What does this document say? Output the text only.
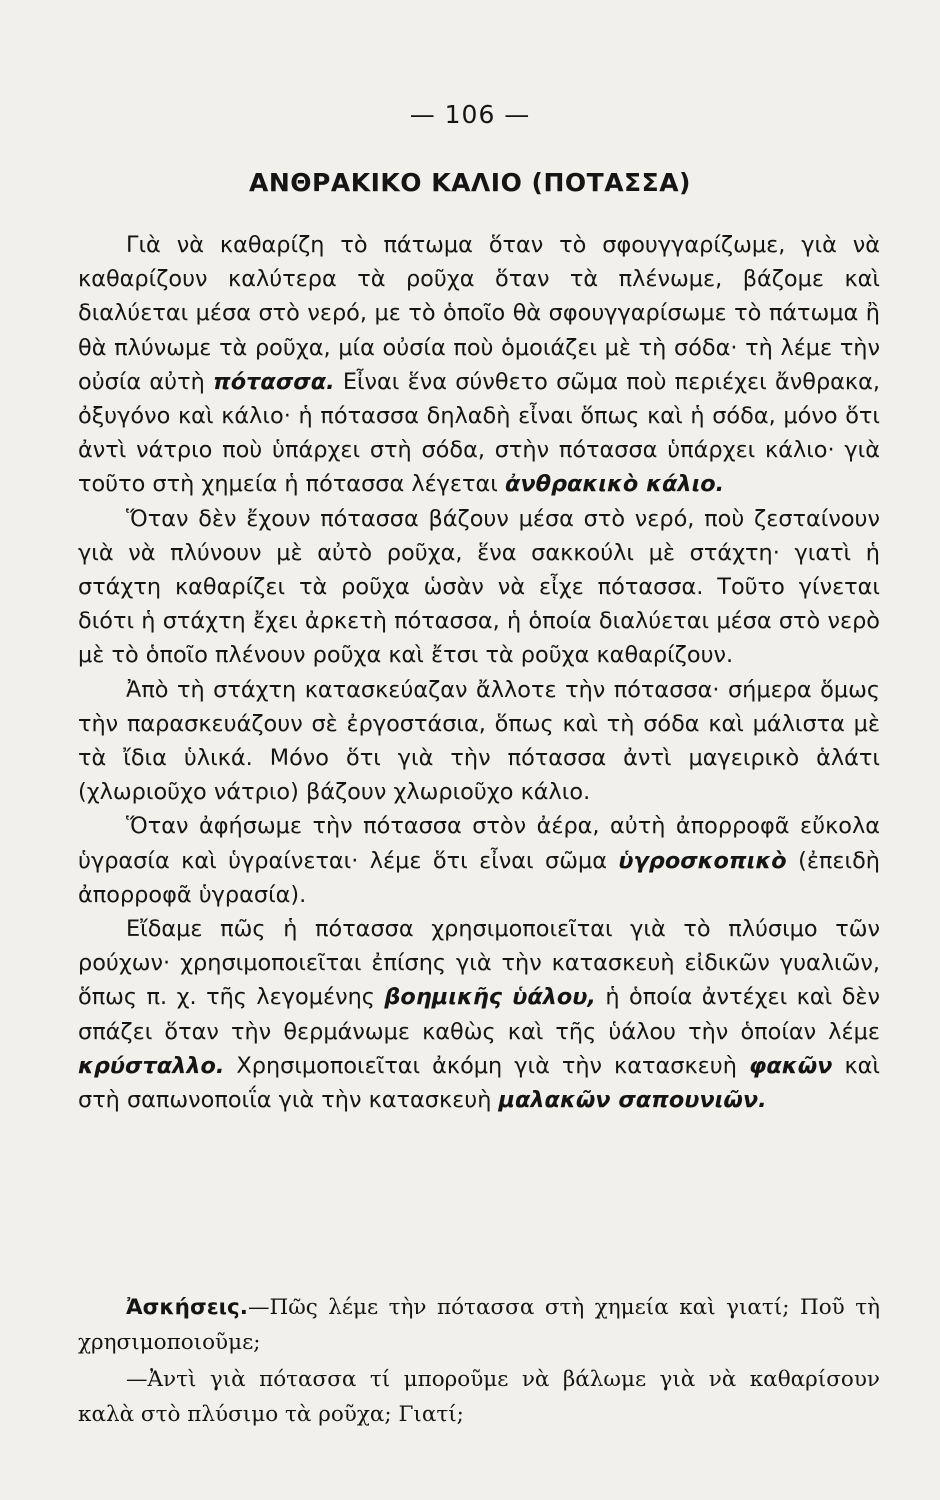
— 106 —
ΑΝΘΡΑΚΙΚΟ ΚΑΛΙΟ (ΠΟΤΑΣΣΑ)

Γιὰ νὰ καθαρίζη τὸ πάτωμα ὅταν τὸ σφουγγαρίζωμε, γιὰ νὰ καθαρίζουν καλύτερα τὰ ροῦχα ὅταν τὰ πλένωμε, βάζομε καὶ διαλύεται μέσα στὸ νερό, με τὸ ὁποῖο θὰ σφουγγαρίσωμε τὸ πάτωμα ἢ θὰ πλύνωμε τὰ ροῦχα, μία οὐσία ποὺ ὁμοιάζει μὲ τὴ σόδα· τὴ λέμε τὴν οὐσία αὐτὴ πότασσα. Εἶναι ἕνα σύνθετο σῶμα ποὺ περιέχει ἄνθρακα, ὀξυγόνο καὶ κάλιο· ἡ πότασσα δηλαδὴ εἶναι ὅπως καὶ ἡ σόδα, μόνο ὅτι ἀντὶ νάτριο ποὺ ὑπάρχει στὴ σόδα, στὴν πότασσα ὑπάρχει κάλιο· γιὰ τοῦτο στὴ χημεία ἡ πότασσα λέγεται ἀνθρακικὸ κάλιο.

Ὅταν δὲν ἔχουν πότασσα βάζουν μέσα στὸ νερό, ποὺ ζεσταίνουν γιὰ νὰ πλύνουν μὲ αὐτὸ ροῦχα, ἕνα σακκούλι μὲ στάχτη· γιατὶ ἡ στάχτη καθαρίζει τὰ ροῦχα ὡσὰν νὰ εἶχε πότασσα. Τοῦτο γίνεται διότι ἡ στάχτη ἔχει ἀρκετὴ πότασσα, ἡ ὁποία διαλύεται μέσα στὸ νερὸ μὲ τὸ ὁποῖο πλένουν ροῦχα καὶ ἔτσι τὰ ροῦχα καθαρίζουν.

Ἀπὸ τὴ στάχτη κατασκεύαζαν ἄλλοτε τὴν πότασσα· σήμερα ὅμως τὴν παρασκευάζουν σὲ ἐργοστάσια, ὅπως καὶ τὴ σόδα καὶ μάλιστα μὲ τὰ ἴδια ὑλικά. Μόνο ὅτι γιὰ τὴν πότασσα ἀντὶ μαγειρικὸ ἁλάτι (χλωριοῦχο νάτριο) βάζουν χλωριοῦχο κάλιο.

Ὅταν ἀφήσωμε τὴν πότασσα στὸν ἀέρα, αὐτὴ ἀπορροφᾶ εὔκολα ὑγρασία καὶ ὑγραίνεται· λέμε ὅτι εἶναι σῶμα ὑγροσκοπικὸ (ἐπειδὴ ἀπορροφᾶ ὑγρασία).

Εἴδαμε πῶς ἡ πότασσα χρησιμοποιεῖται γιὰ τὸ πλύσιμο τῶν ρούχων· χρησιμοποιεῖται ἐπίσης γιὰ τὴν κατασκευὴ εἰδικῶν γυαλιῶν, ὅπως π. χ. τῆς λεγομένης βοημικῆς ὑάλου, ἡ ὁποία ἀντέχει καὶ δὲν σπάζει ὅταν τὴν θερμάνωμε καθὼς καὶ τῆς ὑάλου τὴν ὁποίαν λέμε κρύσταλλο. Χρησιμοποιεῖται ἀκόμη γιὰ τὴν κατασκευὴ φακῶν καὶ στὴ σαπωνοποιΐα γιὰ τὴν κατασκευὴ μαλακῶν σαπουνιῶν.

Ἀσκήσεις.—Πῶς λέμε τὴν πότασσα στὴ χημεία καὶ γιατί; Ποῦ τὴ χρησιμοποιοῦμε;

—Ἀντὶ γιὰ πότασσα τί μποροῦμε νὰ βάλωμε γιὰ νὰ καθαρίσουν καλὰ στὸ πλύσιμο τὰ ροῦχα; Γιατί;
